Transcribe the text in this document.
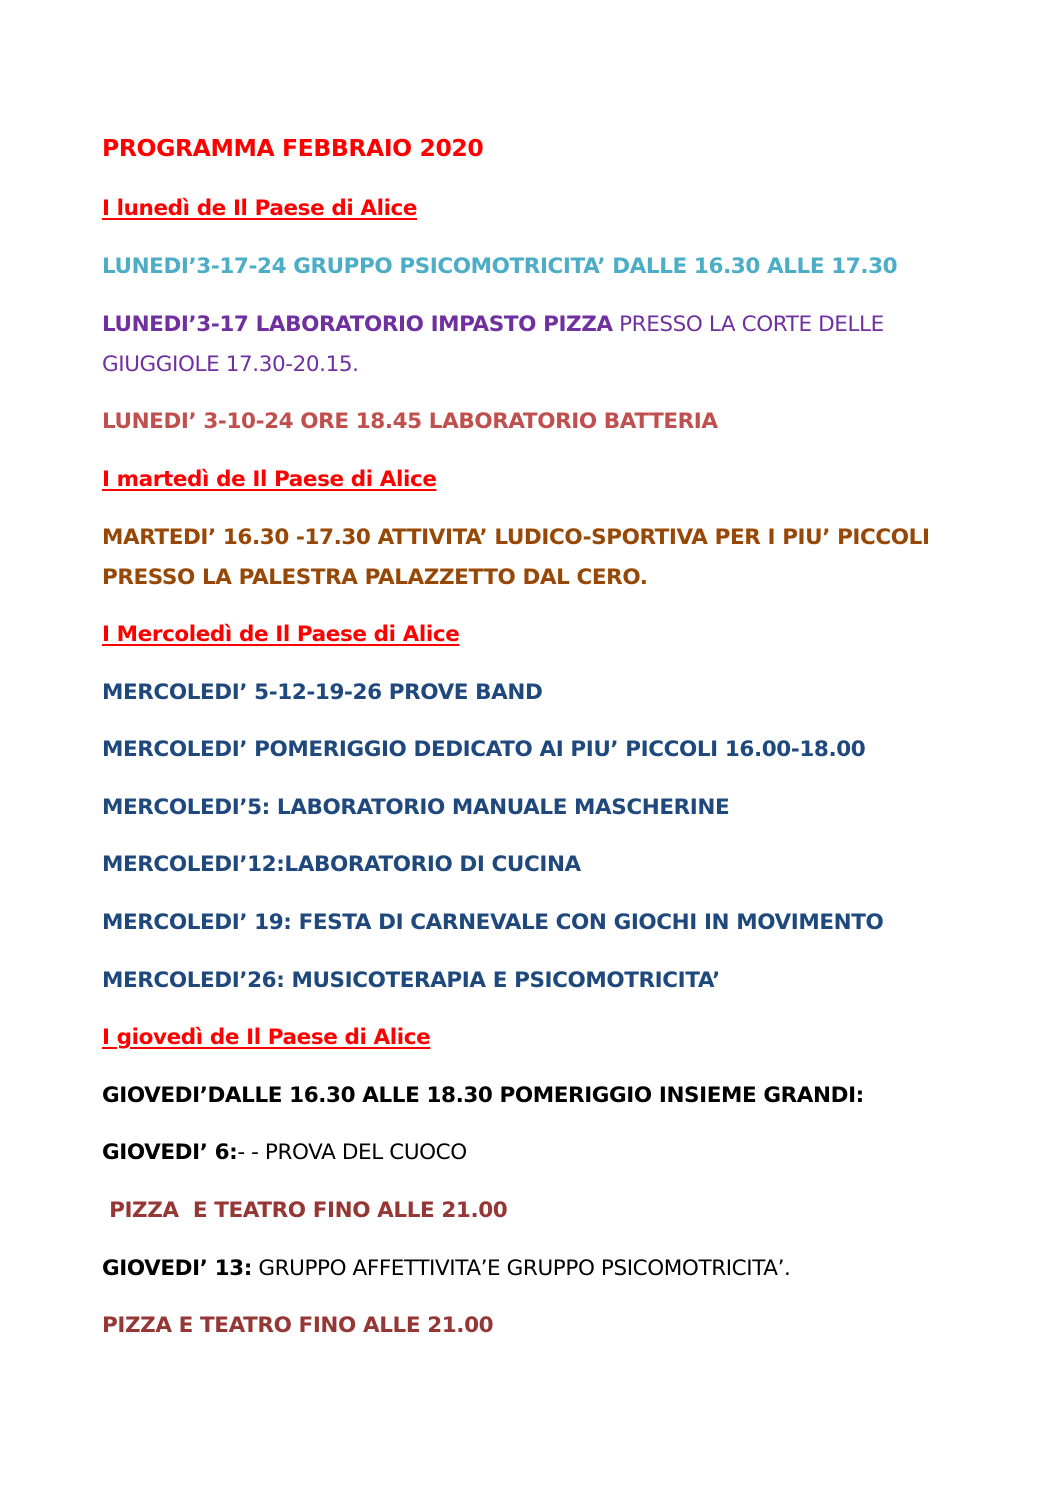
PROGRAMMA FEBBRAIO 2020

I lunedì de Il Paese di Alice

LUNEDI’3-17-24 GRUPPO PSICOMOTRICITA’ DALLE 16.30 ALLE 17.30

LUNEDI’3-17 LABORATORIO IMPASTO PIZZA PRESSO LA CORTE DELLE

GIUGGIOLE 17.30-20.15.

LUNEDI’ 3-10-24 ORE 18.45 LABORATORIO BATTERIA

I martedì de Il Paese di Alice

MARTEDI’ 16.30 -17.30 ATTIVITA’ LUDICO-SPORTIVA PER I PIU’ PICCOLI

PRESSO LA PALESTRA PALAZZETTO DAL CERO.

I Mercoledì de Il Paese di Alice

MERCOLEDI’ 5-12-19-26 PROVE BAND

MERCOLEDI’ POMERIGGIO DEDICATO AI PIU’ PICCOLI 16.00-18.00

MERCOLEDI’5: LABORATORIO MANUALE MASCHERINE

MERCOLEDI’12:LABORATORIO DI CUCINA

MERCOLEDI’ 19: FESTA DI CARNEVALE CON GIOCHI IN MOVIMENTO

MERCOLEDI’26: MUSICOTERAPIA E PSICOMOTRICITA’

I giovedì de Il Paese di Alice

GIOVEDI’DALLE 16.30 ALLE 18.30 POMERIGGIO INSIEME GRANDI:

GIOVEDI’ 6:- - PROVA DEL CUOCO

PIZZA  E TEATRO FINO ALLE 21.00

GIOVEDI’ 13: GRUPPO AFFETTIVITA’E GRUPPO PSICOMOTRICITA’.

PIZZA E TEATRO FINO ALLE 21.00
